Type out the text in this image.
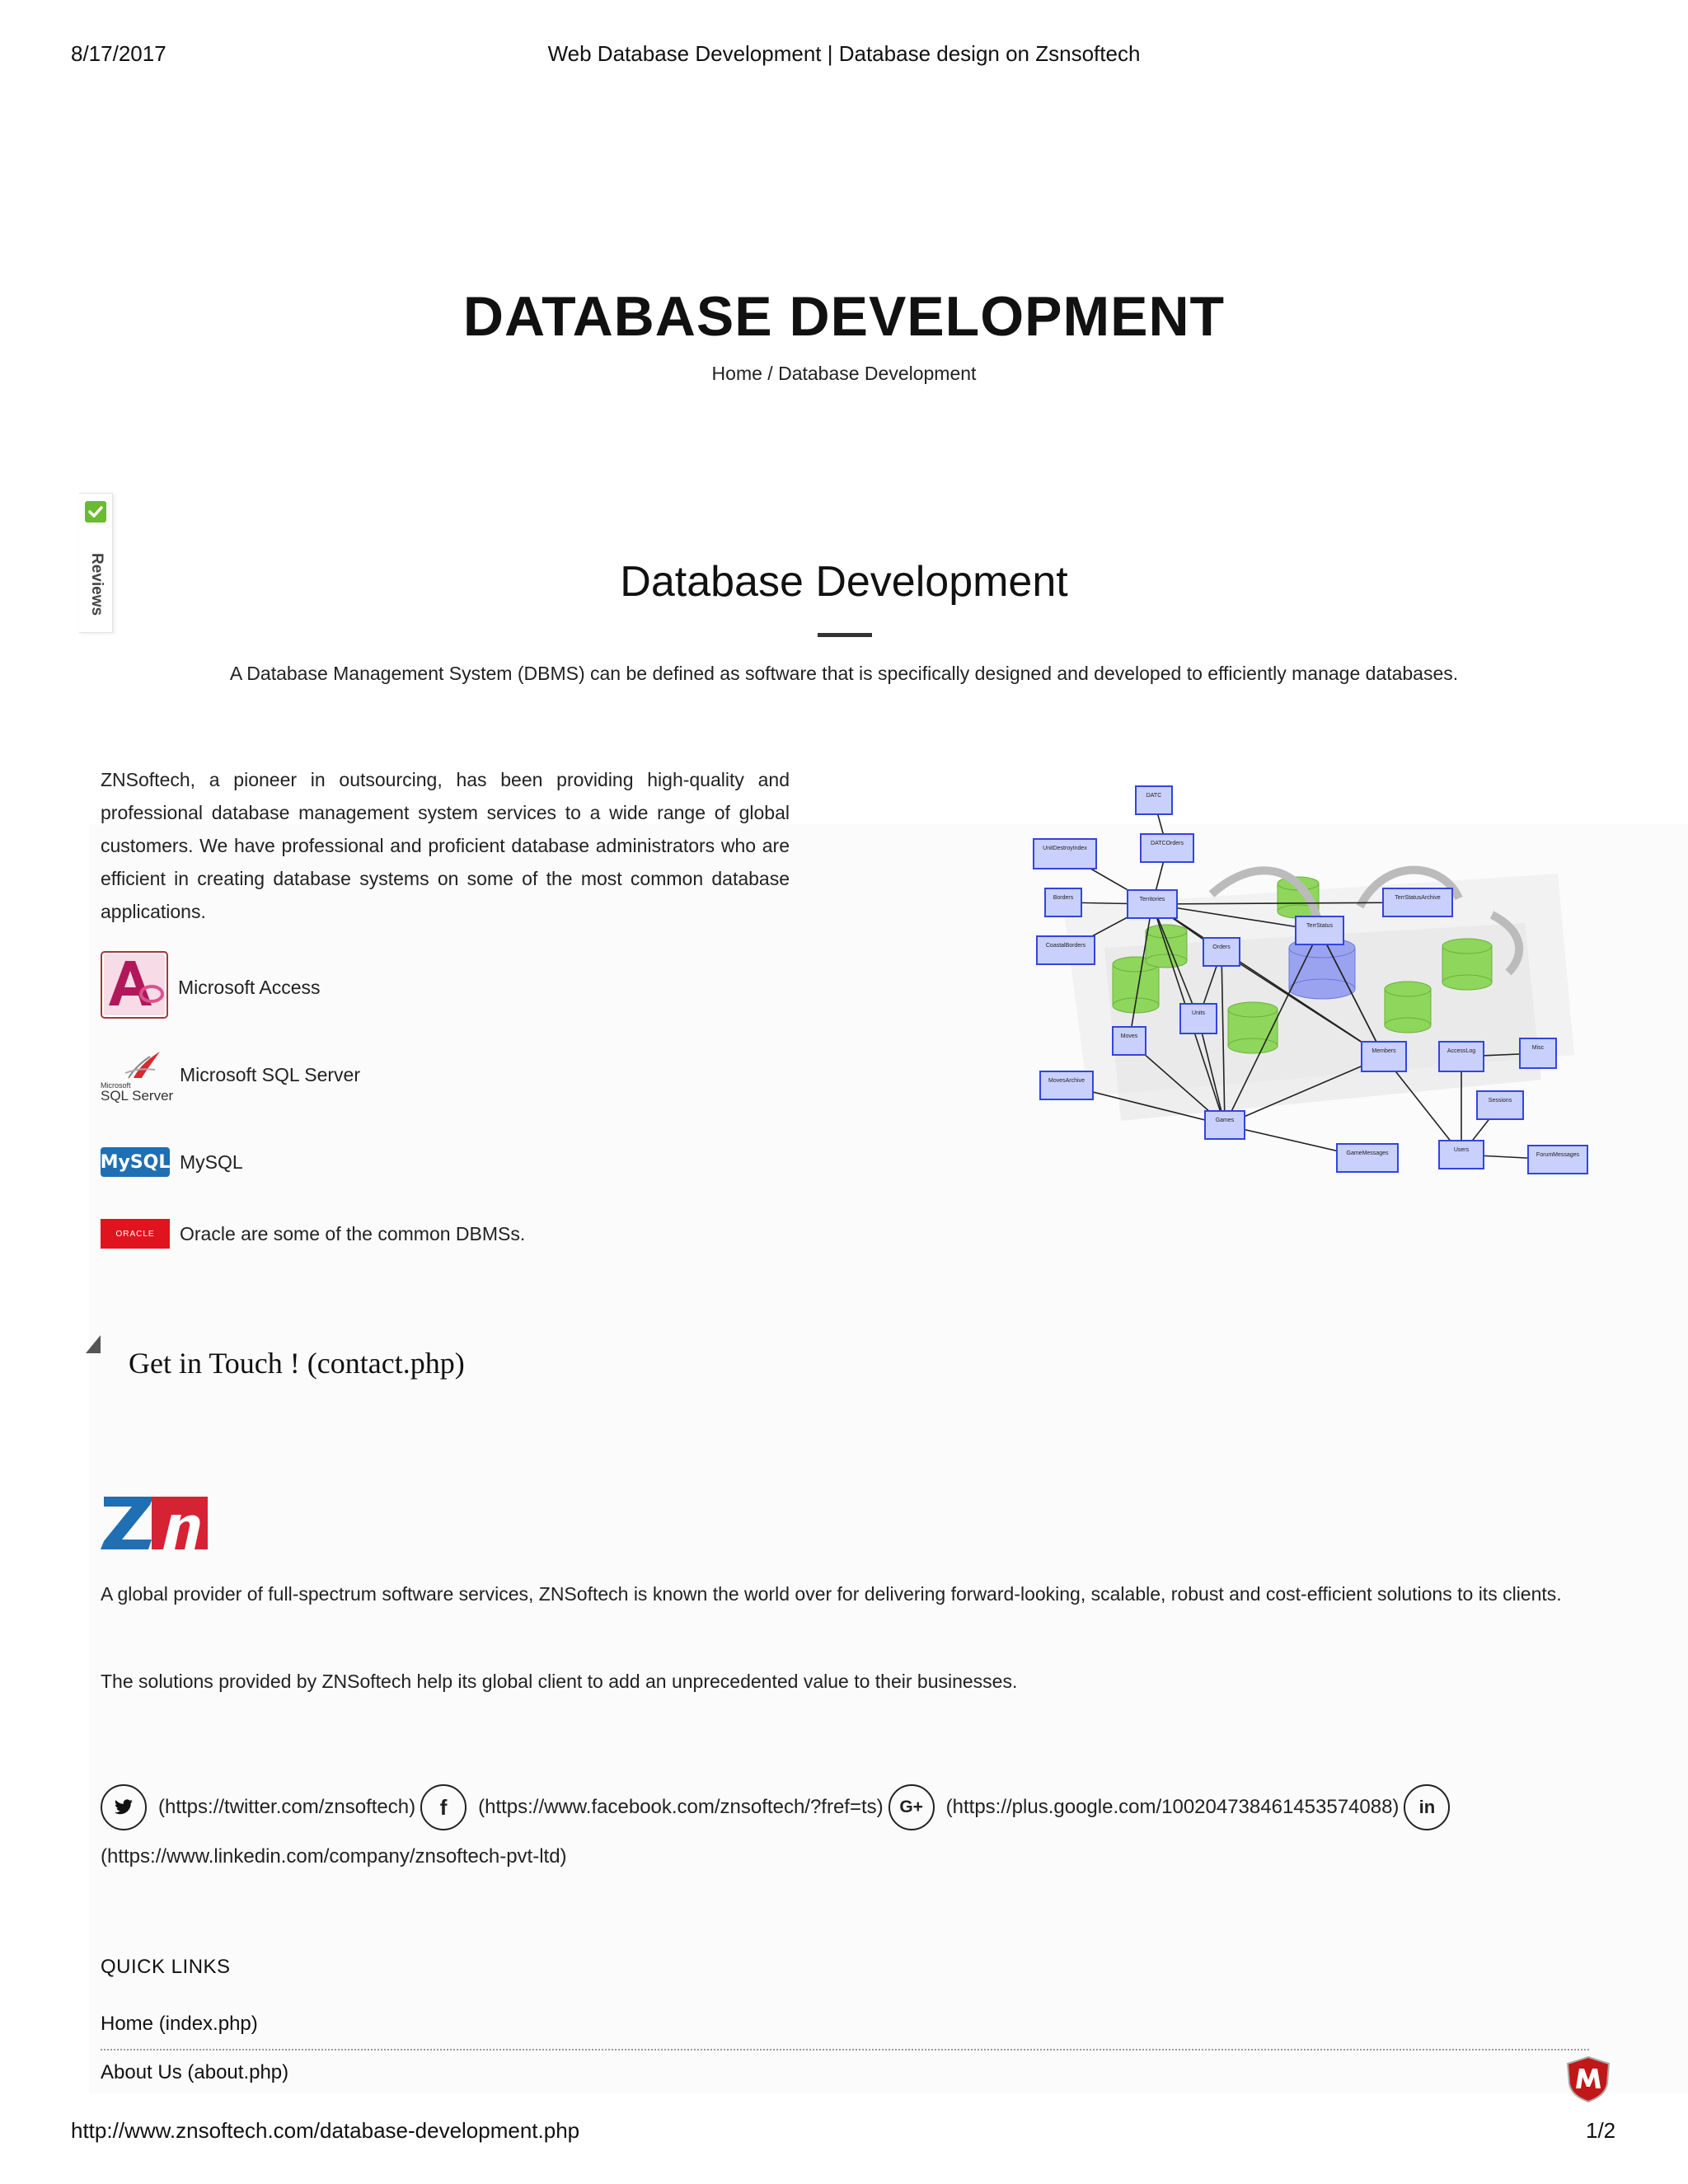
8/17/2017	Web Database Development | Database design on Zsnsoftech
DATABASE DEVELOPMENT
Home / Database Development
Reviews	Database Development
A Database Management System (DBMS) can be defined as software that is specifically designed and developed to efficiently manage databases.
ZNSoftech, a pioneer in outsourcing, has been providing high-quality and professional database management system services to a wide range of global customers. We have professional and proficient database administrators who are efficient in creating database systems on some of the most common database applications.
Microsoft Access
Microsoft
SQL Server
Microsoft SQL Server
MySQL MySQL
ORACLE Oracle are some of the common DBMSs.
DATC
DATCOrders
UnitDestroyIndex
Borders	Territories	TerrStatusArchive
TerrStatus
CoastalBorders	Orders
Units
Moves
Members	AccessLog
Misc
MovesArchive
Sessions
Games
GameMessages
Users
ForumMessages
Get in Touch ! (contact.php)
A global provider of full-spectrum software services, ZNSoftech is known the world over for delivering forward-looking, scalable, robust and cost-efficient solutions to its clients.
The solutions provided by ZNSoftech help its global client to add an unprecedented value to their businesses.
(https://twitter.com/znsoftech) f (https://www.facebook.com/znsoftech/?fref=ts) G+ (https://plus.google.com/100204738461453574088) in
(https://www.linkedin.com/company/znsoftech-pvt-ltd)
QUICK LINKS
Home (index.php)
About Us (about.php)
http://www.znsoftech.com/database-development.php	1/2
